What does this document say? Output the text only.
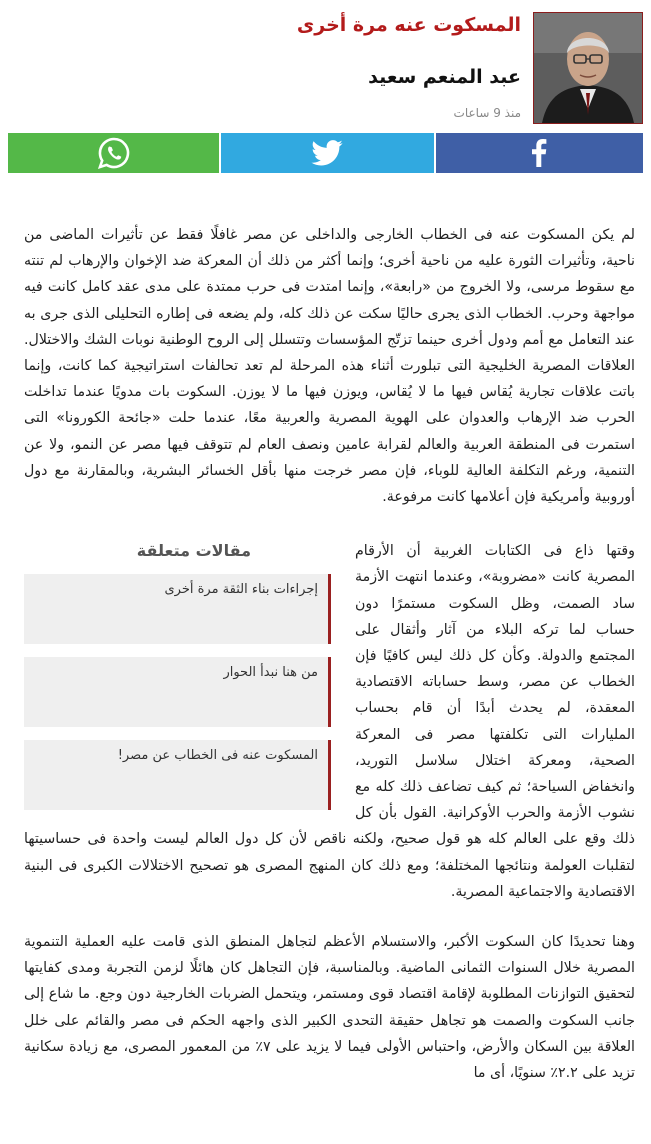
المسكوت عنه مرة أخرى
عبد المنعم سعيد
منذ 9 ساعات

لم يكن المسكوت عنه فى الخطاب الخارجى والداخلى عن مصر غافلًا فقط عن تأثيرات الماضى من ناحية، وتأثيرات الثورة عليه من ناحية أخرى؛ وإنما أكثر من ذلك أن المعركة ضد الإخوان والإرهاب لم تنته مع سقوط مرسى، ولا الخروج من «رابعة»، وإنما امتدت فى حرب ممتدة على مدى عقد كامل كانت فيه مواجهة وحرب. الخطاب الذى يجرى حاليًا سكت عن ذلك كله، ولم يضعه فى إطاره التحليلى الذى جرى به عند التعامل مع أمم ودول أخرى حينما تزتّج المؤسسات وتتسلل إلى الروح الوطنية نوبات الشك والاختلال. العلاقات المصرية الخليجية التى تبلورت أثناء هذه المرحلة لم تعد تحالفات استراتيجية كما كانت، وإنما باتت علاقات تجارية يُقاس فيها ما لا يُقاس، ويوزن فيها ما لا يوزن. السكوت بات مدويًا عندما تداخلت الحرب ضد الإرهاب والعدوان على الهوية المصرية والعربية معًا، عندما حلت «جائحة الكورونا» التى استمرت فى المنطقة العربية والعالم لقرابة عامين ونصف العام لم تتوقف فيها مصر عن النمو، ولا عن التنمية، ورغم التكلفة العالية للوباء، فإن مصر خرجت منها بأقل الخسائر البشرية، وبالمقارنة مع دول أوروبية وأمريكية فإن أعلامها كانت مرفوعة.

مقالات متعلقة
إجراءات بناء الثقة مرة أخرى
من هنا نبدأ الحوار
المسكوت عنه فى الخطاب عن مصر!

وقتها ذاع فى الكتابات الغربية أن الأرقام المصرية كانت «مضروبة»، وعندما انتهت الأزمة ساد الصمت، وظل السكوت مستمرًا دون حساب لما تركه البلاء من آثار وأثقال على المجتمع والدولة. وكأن كل ذلك ليس كافيًا فإن الخطاب عن مصر، وسط حساباته الاقتصادية المعقدة، لم يحدث أبدًا أن قام بحساب المليارات التى تكلفتها مصر فى المعركة الصحية، ومعركة اختلال سلاسل التوريد، وانخفاض السياحة؛ ثم كيف تضاعف ذلك كله مع نشوب الأزمة والحرب الأوكرانية. القول بأن كل ذلك وقع على العالم كله هو قول صحيح، ولكنه ناقص لأن كل دول العالم ليست واحدة فى حساسيتها لتقلبات العولمة ونتائجها المختلفة؛ ومع ذلك كان المنهج المصرى هو تصحيح الاختلالات الكبرى فى البنية الاقتصادية والاجتماعية المصرية.

وهنا تحديدًا كان السكوت الأكبر، والاستسلام الأعظم لتجاهل المنطق الذى قامت عليه العملية التنموية المصرية خلال السنوات الثمانى الماضية. وبالمناسبة، فإن التجاهل كان هائلًا لزمن التجربة ومدى كفايتها لتحقيق التوازنات المطلوبة لإقامة اقتصاد قوى ومستمر، ويتحمل الضربات الخارجية دون وجع. ما شاع إلى جانب السكوت والصمت هو تجاهل حقيقة التحدى الكبير الذى واجهه الحكم فى مصر والقائم على خلل العلاقة بين السكان والأرض، واحتباس الأولى فيما لا يزيد على ٧٪ من المعمور المصرى، مع زيادة سكانية تزيد على ٢.٢٪ سنويًا، أى ما
